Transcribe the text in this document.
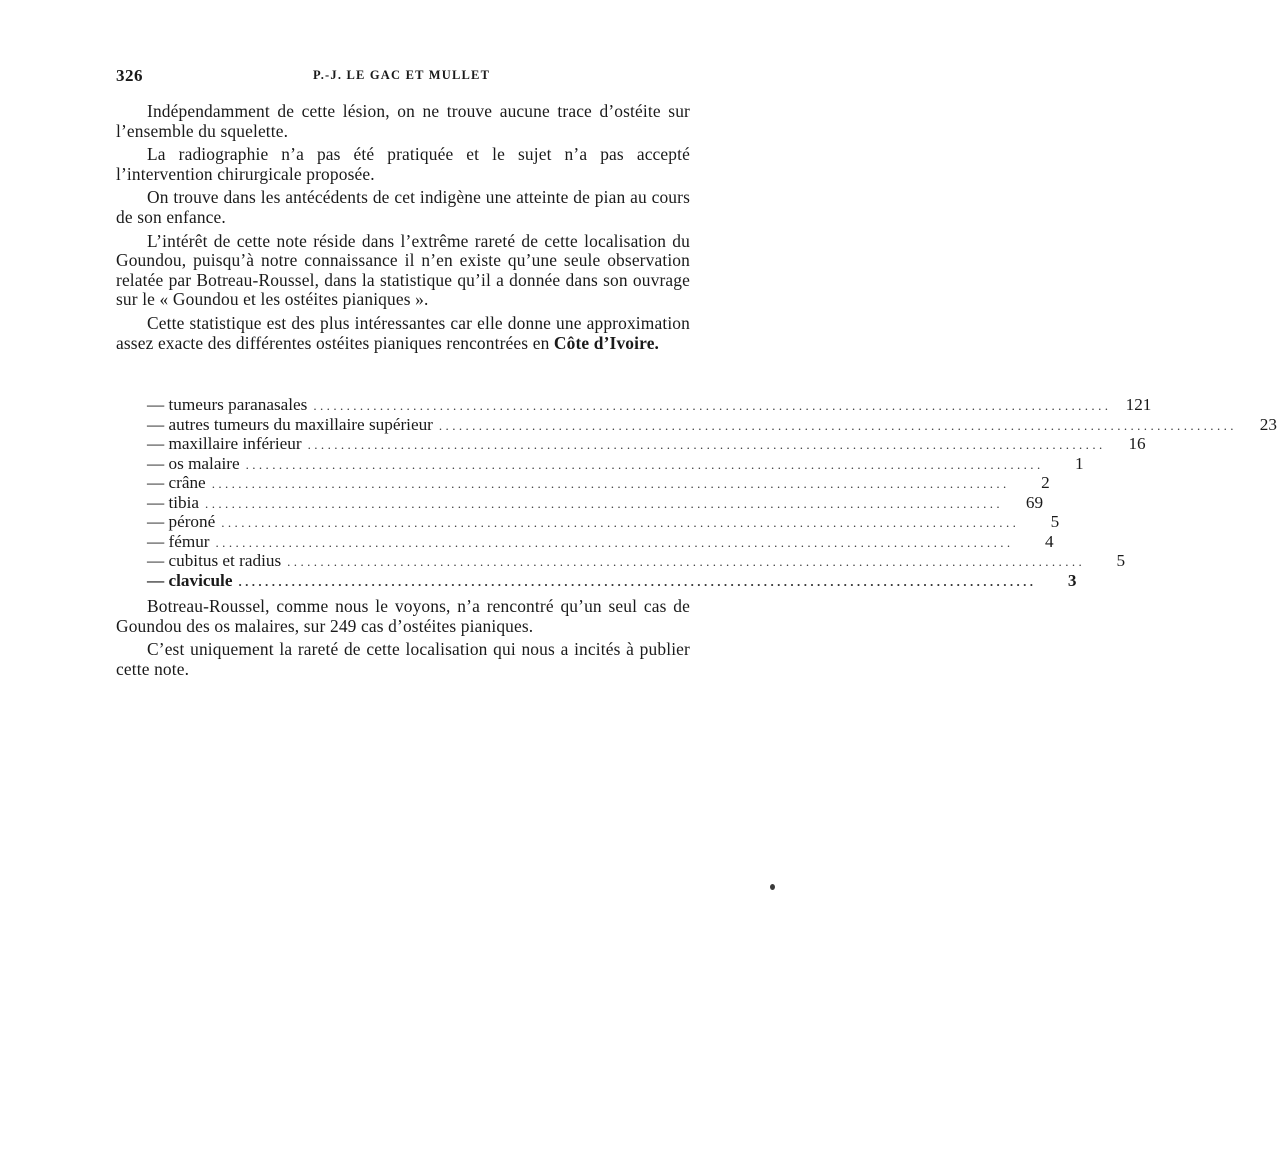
326	P.-J. LE GAC ET MULLET

Indépendamment de cette lésion, on ne trouve aucune trace d’ostéite sur l’ensemble du squelette.

La radiographie n’a pas été pratiquée et le sujet n’a pas accepté l’intervention chirurgicale proposée.

On trouve dans les antécédents de cet indigène une atteinte de pian au cours de son enfance.

L’intérêt de cette note réside dans l’extrême rareté de cette localisation du Goundou, puisqu’à notre connaissance il n’en existe qu’une seule observation relatée par Botreau-Roussel, dans la statistique qu’il a donnée dans son ouvrage sur le « Goundou et les ostéites pianiques ».

Cette statistique est des plus intéressantes car elle donne une approximation assez exacte des différentes ostéites pianiques rencontrées en Côte d’Ivoire.

— tumeurs paranasales ........................................................................................................................ 121
— autres tumeurs du maxillaire supérieur ........................................................................................................................	23
— maxillaire inférieur ........................................................................................................................	16
— os malaire ........................................................................................................................	1
— crâne ........................................................................................................................	2
— tibia ........................................................................................................................	69
— péroné ........................................................................................................................	5
— fémur ........................................................................................................................	4
— cubitus et radius ........................................................................................................................	5
— clavicule ........................................................................................................................	3

Botreau-Roussel, comme nous le voyons, n’a rencontré qu’un seul cas de Goundou des os malaires, sur 249 cas d’ostéites pianiques.

C’est uniquement la rareté de cette localisation qui nous a incités à publier cette note.
